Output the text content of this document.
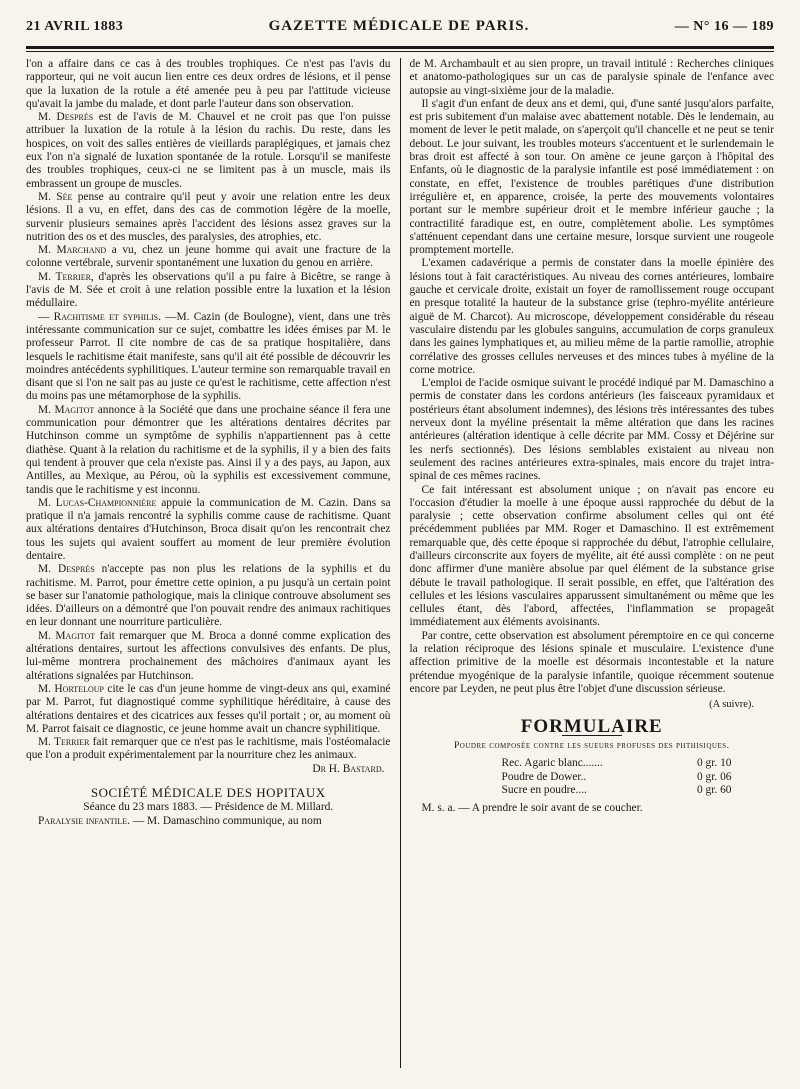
21 AVRIL 1883	GAZETTE MÉDICALE DE PARIS.	— N° 16 — 189

l'on a affaire dans ce cas à des troubles trophiques. Ce n'est pas l'avis du rapporteur, qui ne voit aucun lien entre ces deux ordres de lésions, et il pense que la luxation de la rotule a été amenée peu à peu par l'attitude vicieuse qu'avait la jambe du malade, et dont parle l'auteur dans son observation.

M. Després est de l'avis de M. Chauvel et ne croit pas que l'on puisse attribuer la luxation de la rotule à la lésion du rachis. Du reste, dans les hospices, on voit des salles entières de vieillards paraplégiques, et jamais chez eux l'on n'a signalé de luxation spontanée de la rotule. Lorsqu'il se manifeste des troubles trophiques, ceux-ci ne se limitent pas à un muscle, mais ils embrassent un groupe de muscles.

M. Sée pense au contraire qu'il peut y avoir une relation entre les deux lésions. Il a vu, en effet, dans des cas de commotion légère de la moelle, survenir plusieurs semaines après l'accident des lésions assez graves sur la nutrition des os et des muscles, des paralysies, des atrophies, etc.

M. Marchand a vu, chez un jeune homme qui avait une fracture de la colonne vertébrale, survenir spontanément une luxation du genou en arrière.

M. Terrier, d'après les observations qu'il a pu faire à Bicêtre, se range à l'avis de M. Sée et croit à une relation possible entre la luxation et la lésion médullaire.

— Rachitisme et syphilis. —M. Cazin (de Boulogne), vient, dans une très intéressante communication sur ce sujet, combattre les idées émises par M. le professeur Parrot. Il cite nombre de cas de sa pratique hospitalière, dans lesquels le rachitisme était manifeste, sans qu'il ait été possible de découvrir les moindres antécédents syphilitiques. L'auteur termine son remarquable travail en disant que si l'on ne sait pas au juste ce qu'est le rachitisme, cette affection n'est du moins pas une métamorphose de la syphilis.

M. Magitot annonce à la Société que dans une prochaine séance il fera une communication pour démontrer que les altérations dentaires décrites par Hutchinson comme un symptôme de syphilis n'appartiennent pas à cette diathèse. Quant à la relation du rachitisme et de la syphilis, il y a bien des faits qui tendent à prouver que cela n'existe pas. Ainsi il y a des pays, au Japon, aux Antilles, au Mexique, au Pérou, où la syphilis est excessivement commune, tandis que le rachitisme y est inconnu.

M. Lucas-Championnière appuie la communication de M. Cazin. Dans sa pratique il n'a jamais rencontré la syphilis comme cause de rachitisme. Quant aux altérations dentaires d'Hutchinson, Broca disait qu'on les rencontrait chez tous les sujets qui avaient souffert au moment de leur première évolution dentaire.

M. Després n'accepte pas non plus les relations de la syphilis et du rachitisme. M. Parrot, pour émettre cette opinion, a pu jusqu'à un certain point se baser sur l'anatomie pathologique, mais la clinique controuve absolument ses idées. D'ailleurs on a démontré que l'on pouvait rendre des animaux rachitiques en leur donnant une nourriture particulière.

M. Magitot fait remarquer que M. Broca a donné comme explication des altérations dentaires, surtout les affections convulsives des enfants. De plus, lui-même montrera prochainement des mâchoires d'animaux ayant les altérations signalées par Hutchinson.

M. Horteloup cite le cas d'un jeune homme de vingt-deux ans qui, examiné par M. Parrot, fut diagnostiqué comme syphilitique héréditaire, à cause des altérations dentaires et des cicatrices aux fesses qu'il portait ; or, au moment où M. Parrot faisait ce diagnostic, ce jeune homme avait un chancre syphilitique.

M. Terrier fait remarquer que ce n'est pas le rachitisme, mais l'ostéomalacie que l'on a produit expérimentalement par la nourriture chez les animaux.

Dr H. Bastard.
SOCIÉTÉ MÉDICALE DES HOPITAUX
Séance du 23 mars 1883. — Présidence de M. Millard.

Paralysie infantile. — M. Damaschino communique, au nom

de M. Archambault et au sien propre, un travail intitulé : Recherches cliniques et anatomo-pathologiques sur un cas de paralysie spinale de l'enfance avec autopsie au vingt-sixième jour de la maladie.

Il s'agit d'un enfant de deux ans et demi, qui, d'une santé jusqu'alors parfaite, est pris subitement d'un malaise avec abattement notable. Dès le lendemain, au moment de lever le petit malade, on s'aperçoit qu'il chancelle et ne peut se tenir debout. Le jour suivant, les troubles moteurs s'accentuent et le surlendemain le bras droit est affecté à son tour. On amène ce jeune garçon à l'hôpital des Enfants, où le diagnostic de la paralysie infantile est posé immédiatement : on constate, en effet, l'existence de troubles parétiques d'une distribution irrégulière et, en apparence, croisée, la perte des mouvements volontaires portant sur le membre supérieur droit et le membre inférieur gauche ; la contractilité faradique est, en outre, complètement abolie. Les symptômes s'atténuent cependant dans une certaine mesure, lorsque survient une rougeole promptement mortelle.

L'examen cadavérique a permis de constater dans la moelle épinière des lésions tout à fait caractéristiques. Au niveau des cornes antérieures, lombaire gauche et cervicale droite, existait un foyer de ramollissement rouge occupant en presque totalité la hauteur de la substance grise (tephro-myélite antérieure aiguë de M. Charcot). Au microscope, développement considérable du réseau vasculaire distendu par les globules sanguins, accumulation de corps granuleux dans les gaines lymphatiques et, au milieu même de la partie ramollie, atrophie corrélative des grosses cellules nerveuses et des minces tubes à myéline de la corne motrice.

L'emploi de l'acide osmique suivant le procédé indiqué par M. Damaschino a permis de constater dans les cordons antérieurs (les faisceaux pyramidaux et postérieurs étant absolument indemnes), des lésions très intéressantes des tubes nerveux dont la myéline présentait la même altération que dans les racines antérieures (altération identique à celle décrite par MM. Cossy et Déjérine sur les nerfs sectionnés). Des lésions semblables existaient au niveau non seulement des racines antérieures extra-spinales, mais encore du trajet intra-spinal de ces mêmes racines.

Ce fait intéressant est absolument unique ; on n'avait pas encore eu l'occasion d'étudier la moelle à une époque aussi rapprochée du début de la paralysie ; cette observation confirme absolument celles qui ont été précédemment publiées par MM. Roger et Damaschino. Il est extrêmement remarquable que, dès cette époque si rapprochée du début, l'atrophie cellulaire, d'ailleurs circonscrite aux foyers de myélite, ait été aussi complète : on ne peut donc affirmer d'une manière absolue par quel élément de la substance grise débute le travail pathologique. Il serait possible, en effet, que l'altération des cellules et les lésions vasculaires apparussent simultanément ou même que les cellules étant, dès l'abord, affectées, l'inflammation se propageât immédiatement aux éléments avoisinants.

Par contre, cette observation est absolument péremptoire en ce qui concerne la relation réciproque des lésions spinale et musculaire. L'existence d'une affection primitive de la moelle est désormais incontestable et la nature prétendue myogénique de la paralysie infantile, quoique récemment soutenue encore par Leyden, ne peut plus être l'objet d'une discussion sérieuse.

(A suivre).
FORMULAIRE
Poudre composée contre les sueurs profuses des phthisiques.
Rec. Agaric blanc.......	0 gr. 10
Poudre de Dower..	0 gr. 06
Sucre en poudre....	0 gr. 60
M. s. a. — A prendre le soir avant de se coucher.
